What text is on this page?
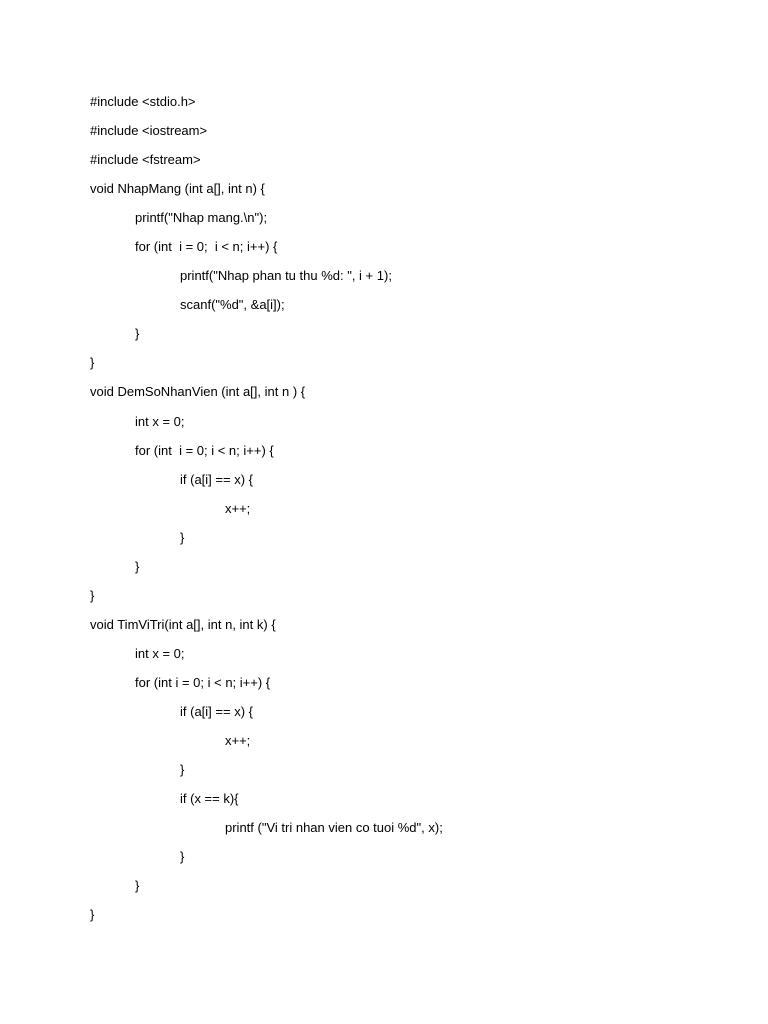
#include <stdio.h>
#include <iostream>
#include <fstream>
void NhapMang (int a[], int n) {
printf("Nhap mang.\n");
for (int  i = 0;  i < n; i++) {
printf("Nhap phan tu thu %d: ", i + 1);
scanf("%d", &a[i]);
}
}
void DemSoNhanVien (int a[], int n ) {
int x = 0;
for (int  i = 0; i < n; i++) {
if (a[i] == x) {
x++;
}
}
}
void TimViTri(int a[], int n, int k) {
int x = 0;
for (int i = 0; i < n; i++) {
if (a[i] == x) {
x++;
}
if (x == k){
printf ("Vi tri nhan vien co tuoi %d", x);
}
}
}
